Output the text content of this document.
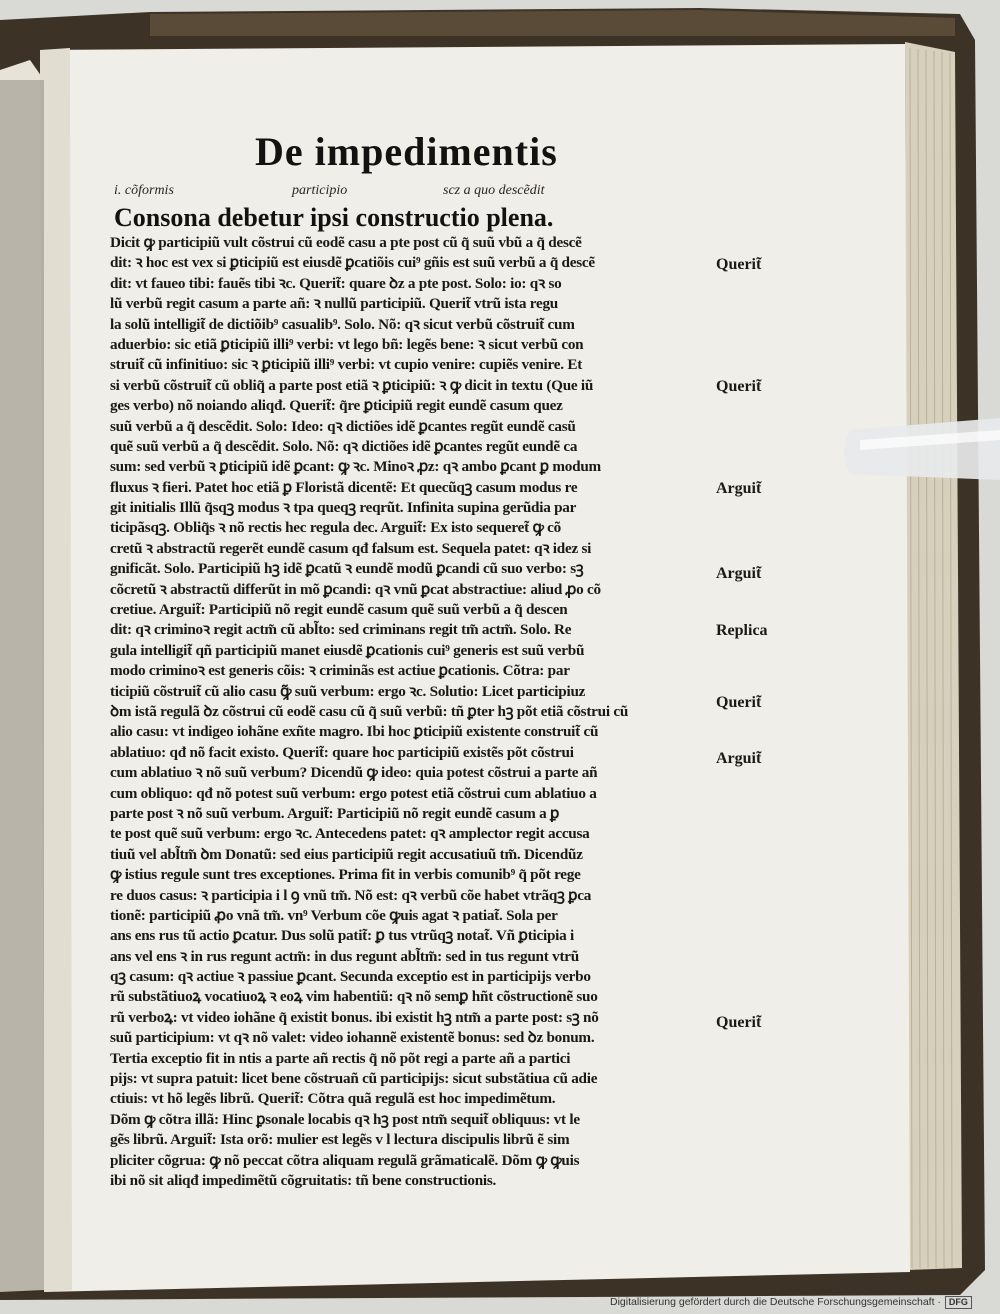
De impedimentis
i. cõformis	participio	scz a quo descẽdit
Consona debetur ipsi constructio plena.
Dicit ꝙ participiũ vult cõstrui cũ eodẽ casu a pte post cũ q̃ suũ vbũ a q̃ descẽ
dit: ꝛ hoc est vex si ꝑticipiũ est eiusdẽ ꝑcatiõis cui⁹ gñis est suũ verbũ a q̃ descẽ
dit: vt faueo tibi: fauẽs tibi ꝛc. Querit̃: quare ꝺz a pte post. Solo: io: qꝛ so
lũ verbũ regit casum a parte añ: ꝛ nullũ participiũ. Querit̃ vtrũ ista regu
la solũ intelligit̃ de dictiõib⁹ casualib⁹. Solo. Nõ: qꝛ sicut verbũ cõstruit̃ cum
aduerbio: sic etiã ꝑticipiũ illi⁹ verbi: vt lego bñ: legẽs bene: ꝛ sicut verbũ con
struit̃ cũ infinitiuo: sic ꝛ ꝑticipiũ illi⁹ verbi: vt cupio venire: cupiẽs venire. Et
si verbũ cõstruit̃ cũ obliq̃ a parte post etiã ꝛ ꝑticipiũ: ꝛ ꝙ dicit in textu (Que iũ
ges verbo) nõ noiando aliqđ. Querit̃: q̃re ꝑticipiũ regit eundẽ casum quez
suũ verbũ a q̃ descẽdit. Solo: Ideo: qꝛ dictiões idẽ ꝑcantes regũt eundẽ casũ
quẽ suũ verbũ a q̃ descẽdit. Solo. Nõ: qꝛ dictiões idẽ ꝑcantes regũt eundẽ ca
sum: sed verbũ ꝛ ꝑticipiũ idẽ ꝑcant: ꝙ ꝛc. Minoꝛ ꝓz: qꝛ ambo ꝑcant ꝑ modum
fluxus ꝛ fieri. Patet hoc etiã ꝑ Floristã dicentẽ: Et quecũqꝫ casum modus re
git initialis Illũ q̃sqꝫ modus ꝛ tpa queqꝫ reqrũt. Infinita supina gerũdia par
ticipãsqꝫ. Obliq̃s ꝛ nõ rectis hec regula dec. Arguit̃: Ex isto sequeret̃ ꝙ cõ
cretũ ꝛ abstractũ regerẽt eundẽ casum qđ falsum est. Sequela patet: qꝛ idez si
gnificãt. Solo. Participiũ hꝫ idẽ ꝑcatũ ꝛ eundẽ modũ ꝑcandi cũ suo verbo: sꝫ
cõcretũ ꝛ abstractũ differũt in mõ ꝑcandi: qꝛ vnũ ꝑcat abstractiue: aliud ꝓo cõ
cretiue. Arguit̃: Participiũ nõ regit eundẽ casum quẽ suũ verbũ a q̃ descen
dit: qꝛ criminoꝛ regit actm̃ cũ abl̃to: sed criminans regit tm̃ actm̃. Solo. Re
gula intelligit̃ qñ participiũ manet eiusdẽ ꝑcationis cui⁹ generis est suũ verbũ
modo criminoꝛ est generis cõis: ꝛ criminãs est actiue ꝑcationis. Cõtra: par
ticipiũ cõstruit̃ cũ alio casu ꝙ̃ suũ verbum: ergo ꝛc. Solutio: Licet participiuz
ꝺm istã regulã ꝺz cõstrui cũ eodẽ casu cũ q̃ suũ verbũ: tñ ꝑter hꝫ põt etiã cõstrui cũ
alio casu: vt indigeo iohãne exñte magro. Ibi hoc ꝑticipiũ existente construit̃ cũ
ablatiuo: qđ nõ facit existo. Querit̃: quare hoc participiũ existẽs põt cõstrui
cum ablatiuo ꝛ nõ suũ verbum? Dicendũ ꝙ ideo: quia potest cõstrui a parte añ
cum obliquo: qđ nõ potest suũ verbum: ergo potest etiã cõstrui cum ablatiuo a
parte post ꝛ nõ suũ verbum. Arguit̃: Participiũ nõ regit eundẽ casum a ꝑ
te post quẽ suũ verbum: ergo ꝛc. Antecedens patet: qꝛ amplector regit accusa
tiuũ vel abl̃tm̃ ꝺm Donatũ: sed eius participiũ regit accusatiuũ tm̃. Dicendũz
ꝙ istius regule sunt tres exceptiones. Prima fit in verbis comunib⁹ q̃ põt rege
re duos casus: ꝛ participia i l ꝯ vnũ tm̃. Nõ est: qꝛ verbũ cõe habet vtrãqꝫ ꝑca
tionẽ: participiũ ꝓo vnã tm̃. vn⁹ Verbum cõe ꝙuis agat ꝛ patiat̃. Sola per
ans ens rus tũ actio ꝑcatur. Dus solũ patit̃: ꝑ tus vtrũqꝫ notat̃. Vñ ꝑticipia i
ans vel ens ꝛ in rus regunt actm̃: in dus regunt abl̃tm̃: sed in tus regunt vtrũ
qꝫ casum: qꝛ actiue ꝛ passiue ꝑcant. Secunda exceptio est in participijs verbo
rũ substãtiuoꝝ vocatiuoꝝ ꝛ eoꝝ vim habentiũ: qꝛ nõ semꝑ hñt cõstructionẽ suo
rũ verboꝝ: vt video iohãne q̃ existit bonus. ibi existit hꝫ ntm̃ a parte post: sꝫ nõ
suũ participium: vt qꝛ nõ valet: video iohannẽ existentẽ bonus: sed ꝺz bonum.
Tertia exceptio fit in ntis a parte añ rectis q̃ nõ põt regi a parte añ a partici
pijs: vt supra patuit: licet bene cõstruañ cũ participijs: sicut substãtiua cũ adie
ctiuis: vt hõ legẽs librũ. Querit̃: Cõtra quã regulã est hoc impedimẽtum.
Dõm ꝙ cõtra illã: Hinc ꝑsonale locabis qꝛ hꝫ post ntm̃ sequit̃ obliquus: vt le
gẽs librũ. Arguit̃: Ista orõ: mulier est legẽs v l lectura discipulis librũ ẽ sim
pliciter cõgrua: ꝙ nõ peccat cõtra aliquam regulã grãmaticalẽ. Dõm ꝙ ꝙuis
ibi nõ sit aliqđ impedimẽtũ cõgruitatis: tñ bene constructionis.
Querit̃
Querit̃
Arguit̃
Arguit̃
Replica
Querit̃
Arguit̃
Querit̃
Digitalisierung gefördert durch die Deutsche Forschungsgemeinschaft · DFG
